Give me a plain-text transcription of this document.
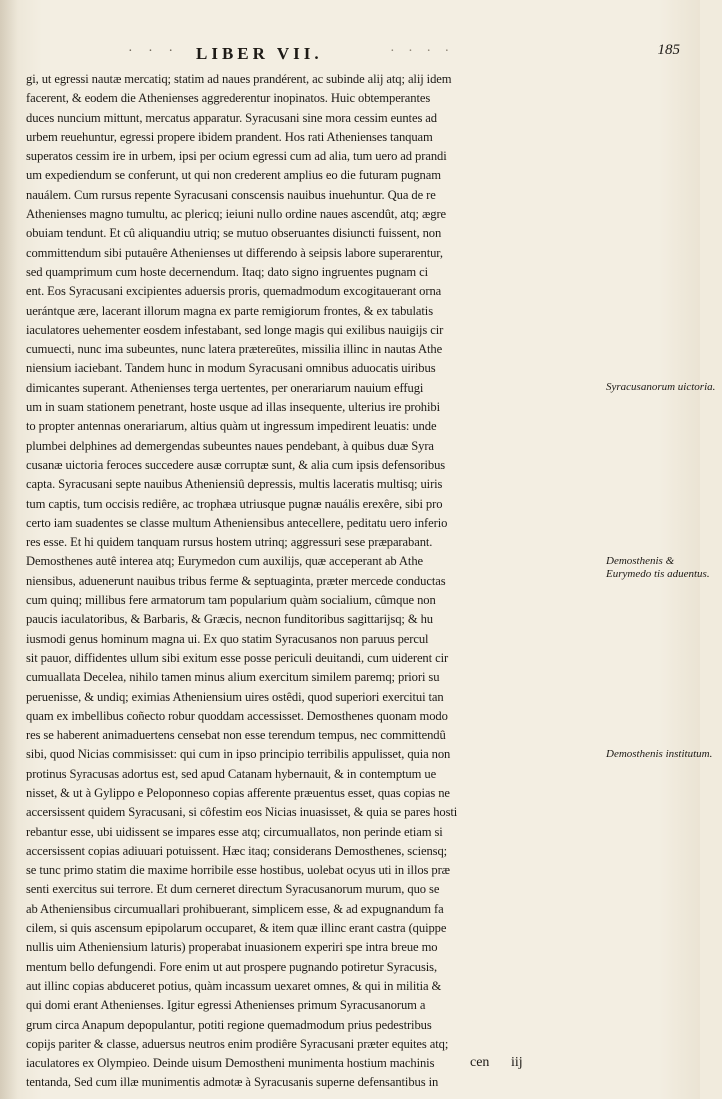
· · · LIBER VII.	· · · ·	185
gi, ut egressi nautæ mercatiq; statim ad naues prandérent, ac subinde alij atq; alij idem
facerent, & eodem die Athenienses aggrederentur inopinatos. Huic obtemperantes
duces nuncium mittunt, mercatus apparatur. Syracusani sine mora cessim euntes ad
urbem reuehuntur, egressi propere ibidem prandent. Hos rati Athenienses tanquam
superatos cessim ire in urbem, ipsi per ocium egressi cum ad alia, tum uero ad prandi
um expediendum se conferunt, ut qui non crederent amplius eo die futuram pugnam
nauálem. Cum rursus repente Syracusani conscensis nauibus inuehuntur. Qua de re
Athenienses magno tumultu, ac plericq; ieiuni nullo ordine naues ascendût, atq; ægre
obuiam tendunt. Et cû aliquandiu utriq; se mutuo obseruantes disiuncti fuissent, non
committendum sibi putauêre Athenienses ut differendo à seipsis labore superarentur,
sed quamprimum cum hoste decernendum. Itaq; dato signo ingruentes pugnam ci
ent. Eos Syracusani excipientes aduersis proris, quemadmodum excogitauerant orna
uerántque ære, lacerant illorum magna ex parte remigiorum frontes, & ex tabulatis
iaculatores uehementer eosdem infestabant, sed longe magis qui exilibus nauigijs cir
cumuecti, nunc ima subeuntes, nunc latera prætereūtes, missilia illinc in nautas Athe
niensium iaciebant. Tandem hunc in modum Syracusani omnibus aduocatis uiribus
dimicantes superant. Athenienses terga uertentes, per onerariarum nauium effugi
um in suam stationem penetrant, hoste usque ad illas insequente, ulterius ire prohibi
to propter antennas onerariarum, altius quàm ut ingressum impedirent leuatis: unde
plumbei delphines ad demergendas subeuntes naues pendebant, à quibus duæ Syra
cusanæ uictoria feroces succedere ausæ corruptæ sunt, & alia cum ipsis defensoribus
capta. Syracusani septe nauibus Atheniensiû depressis, multis laceratis multisq; uiris
tum captis, tum occisis rediêre, ac trophæa utriusque pugnæ nauális erexêre, sibi pro
certo iam suadentes se classe multum Atheniensibus antecellere, peditatu uero inferio
res esse. Et hi quidem tanquam rursus hostem utrinq; aggressuri sese præparabant.
Demosthenes autê interea atq; Eurymedon cum auxilijs, quæ acceperant ab Athe
niensibus, aduenerunt nauibus tribus ferme & septuaginta, præter mercede conductas
cum quinq; millibus fere armatorum tam popularium quàm socialium, cûmque non
paucis iaculatoribus, & Barbaris, & Græcis, necnon funditoribus sagittarijsq; & hu
iusmodi genus hominum magna ui. Ex quo statim Syracusanos non paruus percul
sit pauor, diffidentes ullum sibi exitum esse posse periculi deuitandi, cum uiderent cir
cumuallata Decelea, nihilo tamen minus alium exercitum similem paremq; priori su
peruenisse, & undiq; eximias Atheniensium uires ostêdi, quod superiori exercitui tan
quam ex imbellibus coñecto robur quoddam accessisset. Demosthenes quonam modo
res se haberent animaduertens censebat non esse terendum tempus, nec committendû
sibi, quod Nicias commisisset: qui cum in ipso principio terribilis appulisset, quia non
protinus Syracusas adortus est, sed apud Catanam hybernauit, & in contemptum ue
nisset, & ut à Gylippo e Peloponneso copias afferente præuentus esset, quas copias ne
accersissent quidem Syracusani, si côfestim eos Nicias inuasisset, & quia se pares hosti
rebantur esse, ubi uidissent se impares esse atq; circumuallatos, non perinde etiam si
accersissent copias adiuuari potuissent. Hæc itaq; considerans Demosthenes, sciensq;
se tunc primo statim die maxime horribile esse hostibus, uolebat ocyus uti in illos præ
senti exercitus sui terrore. Et dum cerneret directum Syracusanorum murum, quo se
ab Atheniensibus circumuallari prohibuerant, simplicem esse, & ad expugnandum fa
cilem, si quis ascensum epipolarum occuparet, & item quæ illinc erant castra (quippe
nullis uim Atheniensium laturis) properabat inuasionem experiri spe intra breue mo
mentum bello defungendi. Fore enim ut aut prospere pugnando potiretur Syracusis,
aut illinc copias abduceret potius, quàm incassum uexaret omnes, & qui in militia &
qui domi erant Athenienses. Igitur egressi Athenienses primum Syracusanorum a
grum circa Anapum depopulantur, potiti regione quemadmodum prius pedestribus
copijs pariter & classe, aduersus neutros enim prodiêre Syracusani præter equites atq;
iaculatores ex Olympieo. Deinde uisum Demostheni munimenta hostium machinis
tentanda, Sed cum illæ munimentis admotæ à Syracusanis superne defensantibus in
Syracusanorum uictoria.
Demosthenis & Eurymedo tis aduentus.
Demosthenis institutum.
cen iij
